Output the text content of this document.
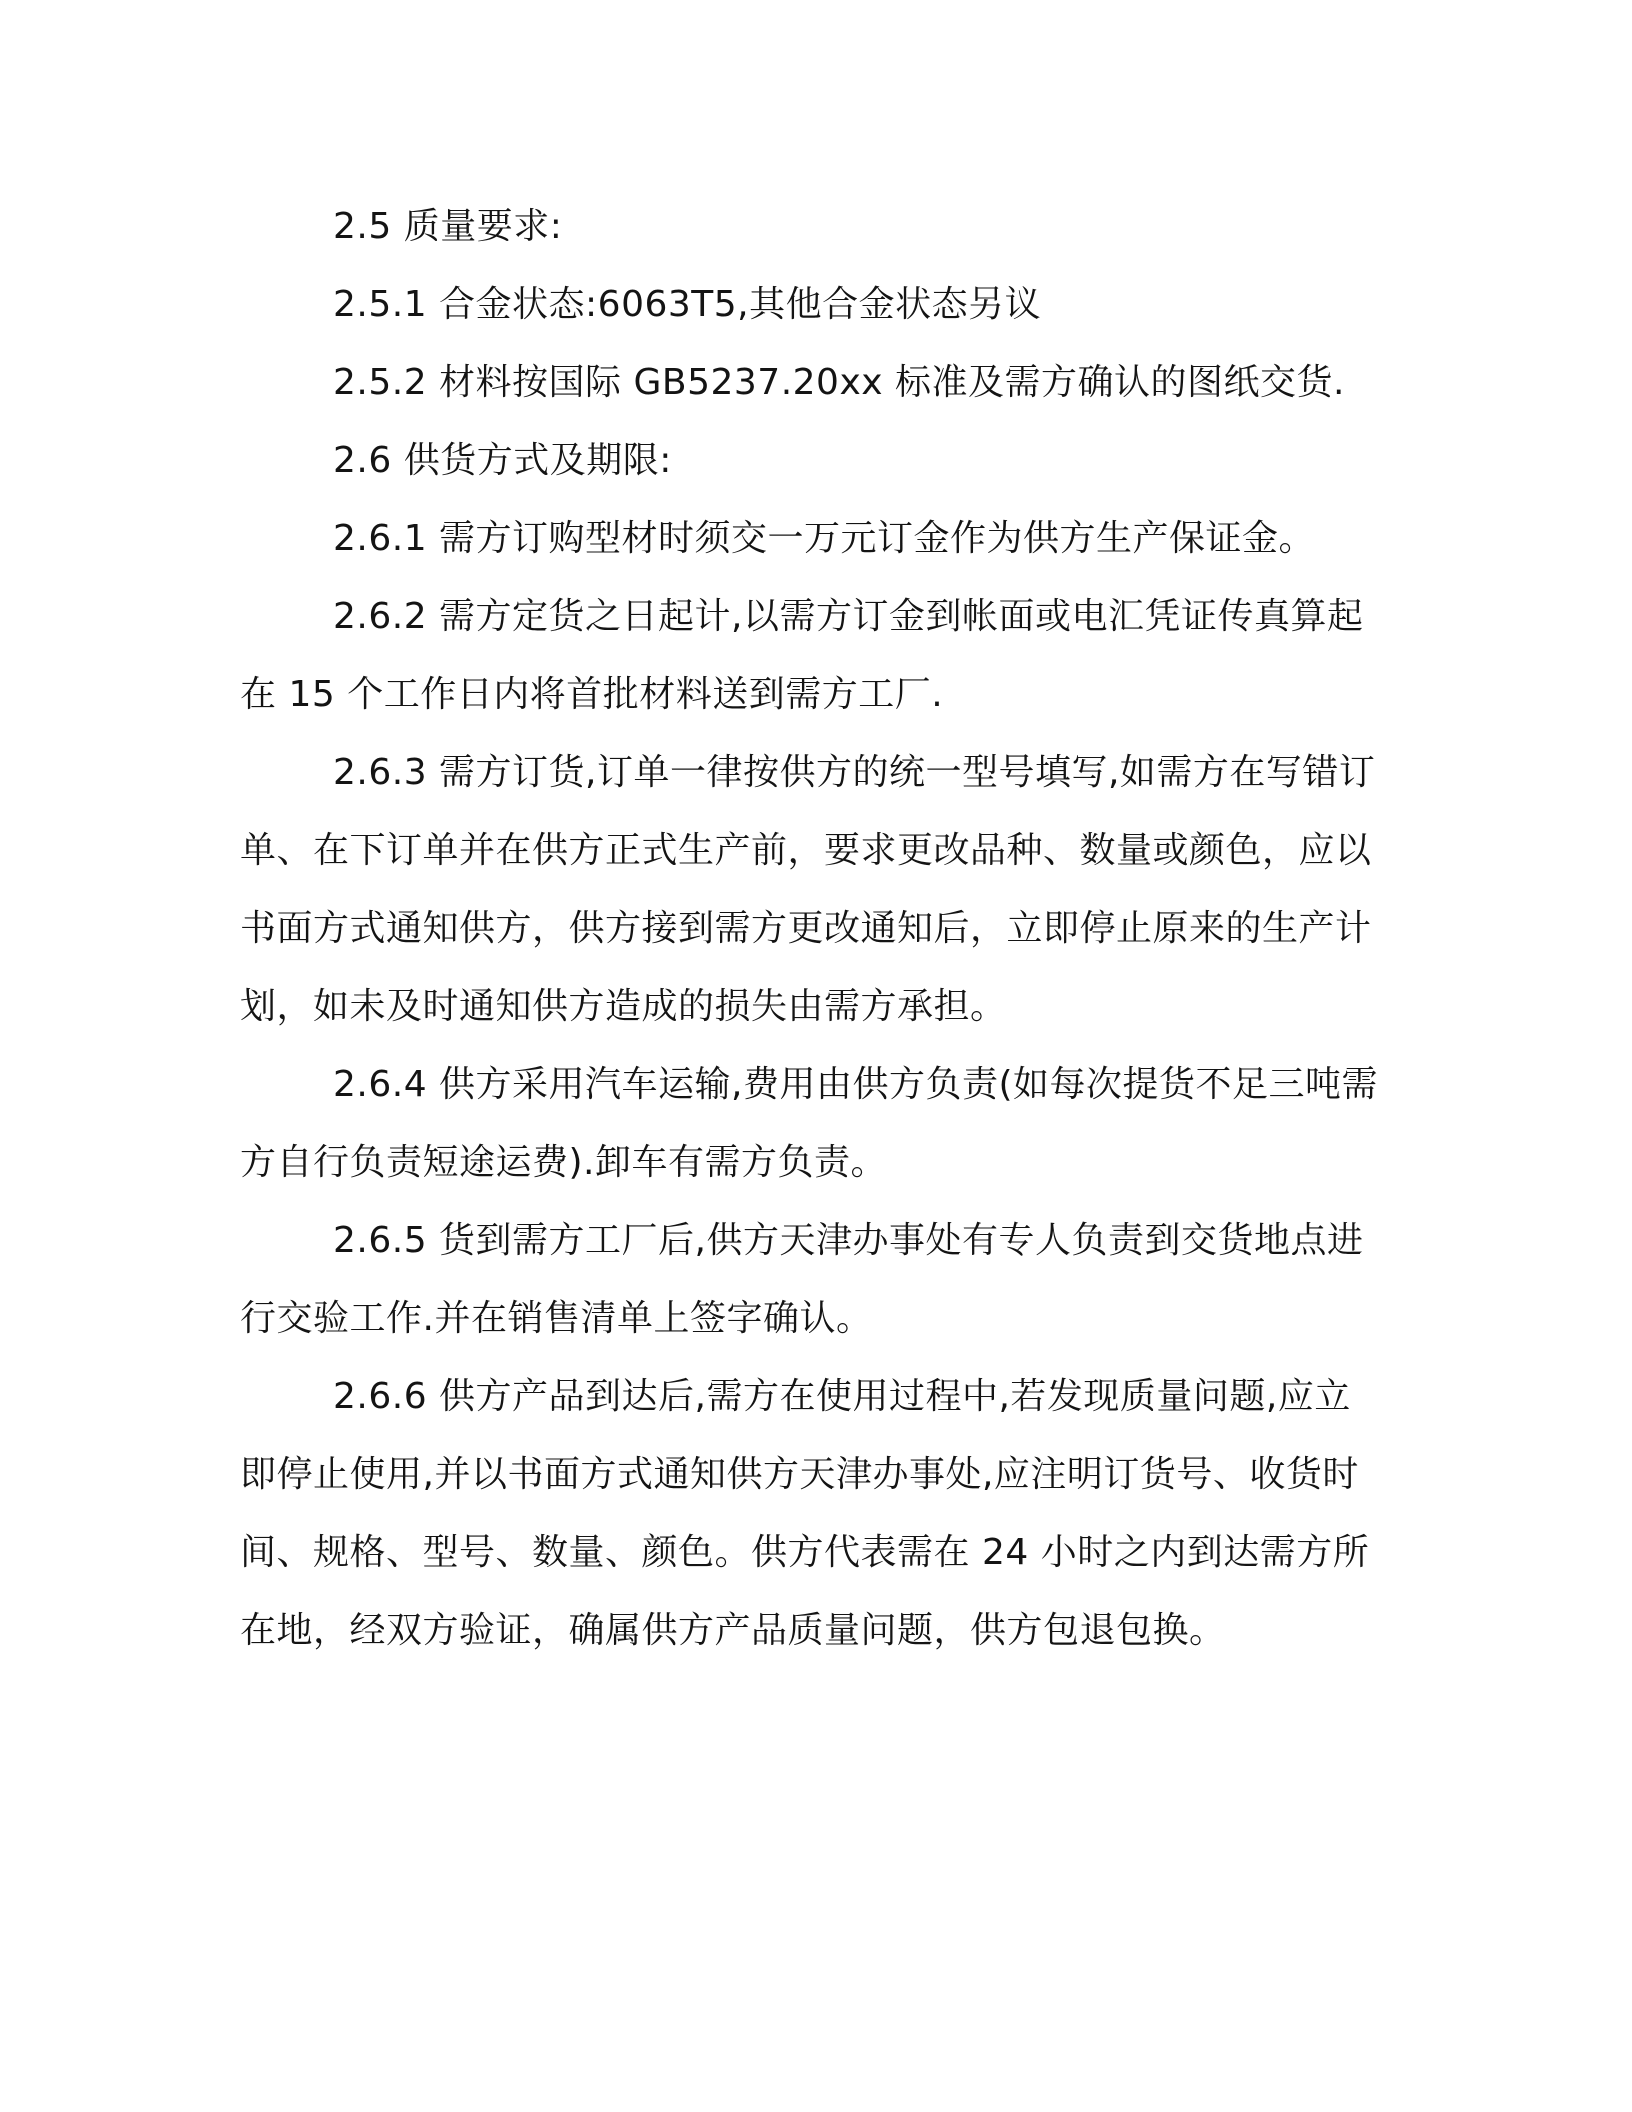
2.5 质量要求:

2.5.1 合金状态:6063T5,其他合金状态另议

2.5.2 材料按国际 GB5237.20xx 标准及需方确认的图纸交货.

2.6 供货方式及期限:

2.6.1 需方订购型材时须交一万元订金作为供方生产保证金。

2.6.2 需方定货之日起计,以需方订金到帐面或电汇凭证传真算起在 15 个工作日内将首批材料送到需方工厂.

2.6.3 需方订货,订单一律按供方的统一型号填写,如需方在写错订单、在下订单并在供方正式生产前，要求更改品种、数量或颜色，应以书面方式通知供方，供方接到需方更改通知后，立即停止原来的生产计划，如未及时通知供方造成的损失由需方承担。

2.6.4 供方采用汽车运输,费用由供方负责(如每次提货不足三吨需方自行负责短途运费).卸车有需方负责。

2.6.5 货到需方工厂后,供方天津办事处有专人负责到交货地点进行交验工作.并在销售清单上签字确认。

2.6.6 供方产品到达后,需方在使用过程中,若发现质量问题,应立即停止使用,并以书面方式通知供方天津办事处,应注明订货号、收货时间、规格、型号、数量、颜色。供方代表需在 24 小时之内到达需方所在地，经双方验证，确属供方产品质量问题，供方包退包换。
